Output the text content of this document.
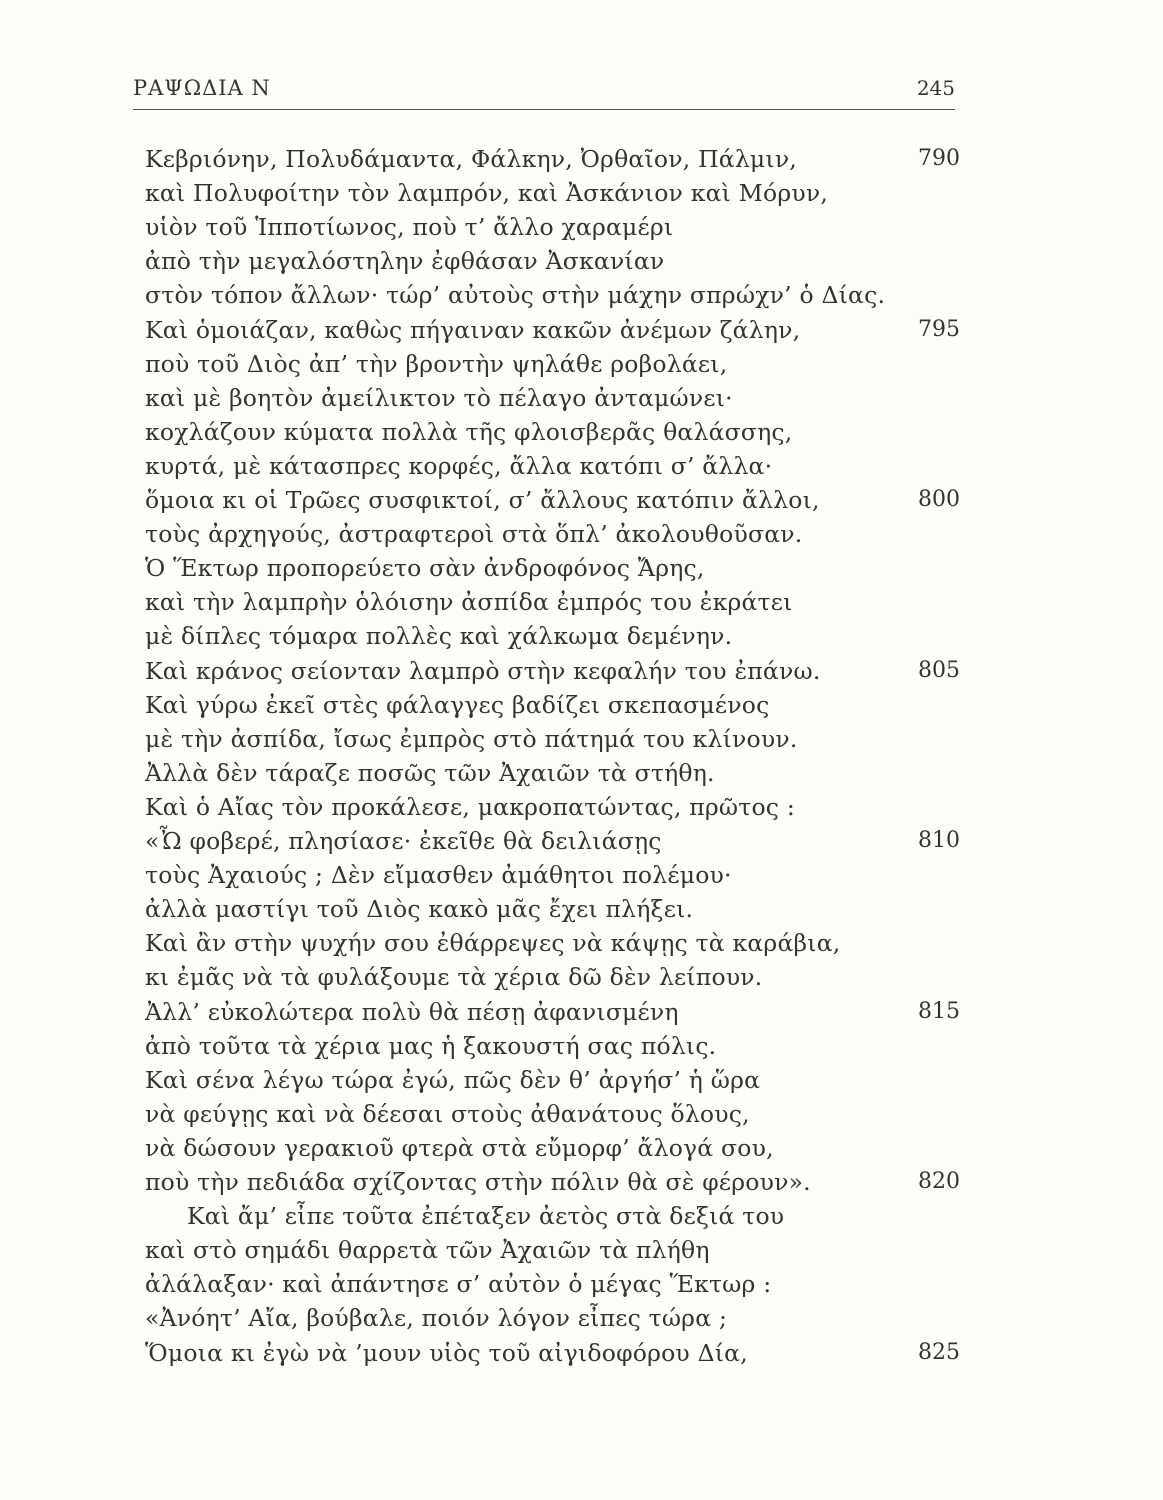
ΡΑΨΩΔΙΑ Ν	245
Κεβριόνην, Πολυδάμαντα, Φάλκην, Ὀρθαῖον, Πάλμιν,	790
καὶ Πολυφοίτην τὸν λαμπρόν, καὶ Ἀσκάνιον καὶ Μόρυν,
υἱὸν τοῦ Ἱπποτίωνος, ποὺ τ’ ἄλλο χαραμέρι
ἀπὸ τὴν μεγαλόστηλην ἐφθάσαν Ἀσκανίαν
στὸν τόπον ἄλλων· τώρ’ αὐτοὺς στὴν μάχην σπρώχν’ ὁ Δίας.
Καὶ ὁμοιάζαν, καθὼς πήγαιναν κακῶν ἀνέμων ζάλην,	795
ποὺ τοῦ Διὸς ἀπ’ τὴν βροντὴν ψηλάθε ροβολάει,
καὶ μὲ βοητὸν ἀμείλικτον τὸ πέλαγο ἀνταμώνει·
κοχλάζουν κύματα πολλὰ τῆς φλοισβερᾶς θαλάσσης,
κυρτά, μὲ κάτασπρες κορφές, ἄλλα κατόπι σ’ ἄλλα·
ὅμοια κι οἱ Τρῶες συσφικτοί, σ’ ἄλλους κατόπιν ἄλλοι,	800
τοὺς ἀρχηγούς, ἀστραφτεροὶ στὰ ὅπλ’ ἀκολουθοῦσαν.
Ὁ Ἕκτωρ προπορεύετο σὰν ἀνδροφόνος Ἄρης,
καὶ τὴν λαμπρὴν ὁλόισην ἀσπίδα ἐμπρός του ἐκράτει
μὲ δίπλες τόμαρα πολλὲς καὶ χάλκωμα δεμένην.
Καὶ κράνος σείονταν λαμπρὸ στὴν κεφαλήν του ἐπάνω.	805
Καὶ γύρω ἐκεῖ στὲς φάλαγγες βαδίζει σκεπασμένος
μὲ τὴν ἀσπίδα, ἴσως ἐμπρὸς στὸ πάτημά του κλίνουν.
Ἀλλὰ δὲν τάραζε ποσῶς τῶν Ἀχαιῶν τὰ στήθη.
Καὶ ὁ Αἴας τὸν προκάλεσε, μακροπατώντας, πρῶτος :
«Ὦ φοβερέ, πλησίασε· ἐκεῖθε θὰ δειλιάσῃς	810
τοὺς Ἀχαιούς ; Δὲν εἴμασθεν ἀμάθητοι πολέμου·
ἀλλὰ μαστίγι τοῦ Διὸς κακὸ μᾶς ἔχει πλήξει.
Καὶ ἂν στὴν ψυχήν σου ἐθάρρεψες νὰ κάψῃς τὰ καράβια,
κι ἐμᾶς νὰ τὰ φυλάξουμε τὰ χέρια δῶ δὲν λείπουν.
Ἀλλ’ εὐκολώτερα πολὺ θὰ πέσῃ ἀφανισμένη	815
ἀπὸ τοῦτα τὰ χέρια μας ἡ ξακουστή σας πόλις.
Καὶ σένα λέγω τώρα ἐγώ, πῶς δὲν θ’ ἀργήσ’ ἡ ὥρα
νὰ φεύγῃς καὶ νὰ δέεσαι στοὺς ἀθανάτους ὅλους,
νὰ δώσουν γερακιοῦ φτερὰ στὰ εὔμορφ’ ἄλογά σου,
ποὺ τὴν πεδιάδα σχίζοντας στὴν πόλιν θὰ σὲ φέρουν».	820
Καὶ ἄμ’ εἶπε τοῦτα ἐπέταξεν ἀετὸς στὰ δεξιά του
καὶ στὸ σημάδι θαρρετὰ τῶν Ἀχαιῶν τὰ πλήθη
ἀλάλαξαν· καὶ ἀπάντησε σ’ αὐτὸν ὁ μέγας Ἕκτωρ :
«Ἀνόητ’ Αἴα, βούβαλε, ποιόν λόγον εἶπες τώρα ;
Ὅμοια κι ἐγὼ νὰ ’μουν υἱὸς τοῦ αἰγιδοφόρου Δία,	825
